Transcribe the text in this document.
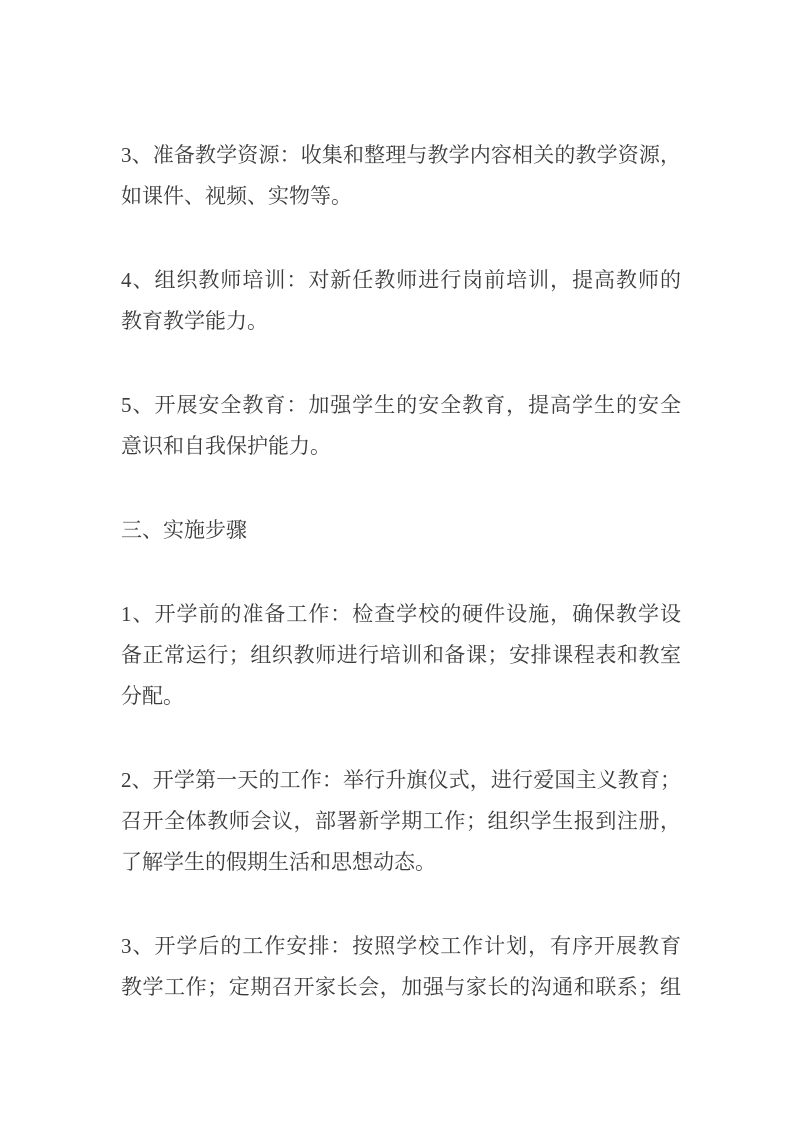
3、准备教学资源：收集和整理与教学内容相关的教学资源，
如课件、视频、实物等。

4、组织教师培训：对新任教师进行岗前培训，提高教师的
教育教学能力。

5、开展安全教育：加强学生的安全教育，提高学生的安全
意识和自我保护能力。

三、实施步骤

1、开学前的准备工作：检查学校的硬件设施，确保教学设
备正常运行；组织教师进行培训和备课；安排课程表和教室
分配。

2、开学第一天的工作：举行升旗仪式，进行爱国主义教育；
召开全体教师会议，部署新学期工作；组织学生报到注册，
了解学生的假期生活和思想动态。

3、开学后的工作安排：按照学校工作计划，有序开展教育
教学工作；定期召开家长会，加强与家长的沟通和联系；组
